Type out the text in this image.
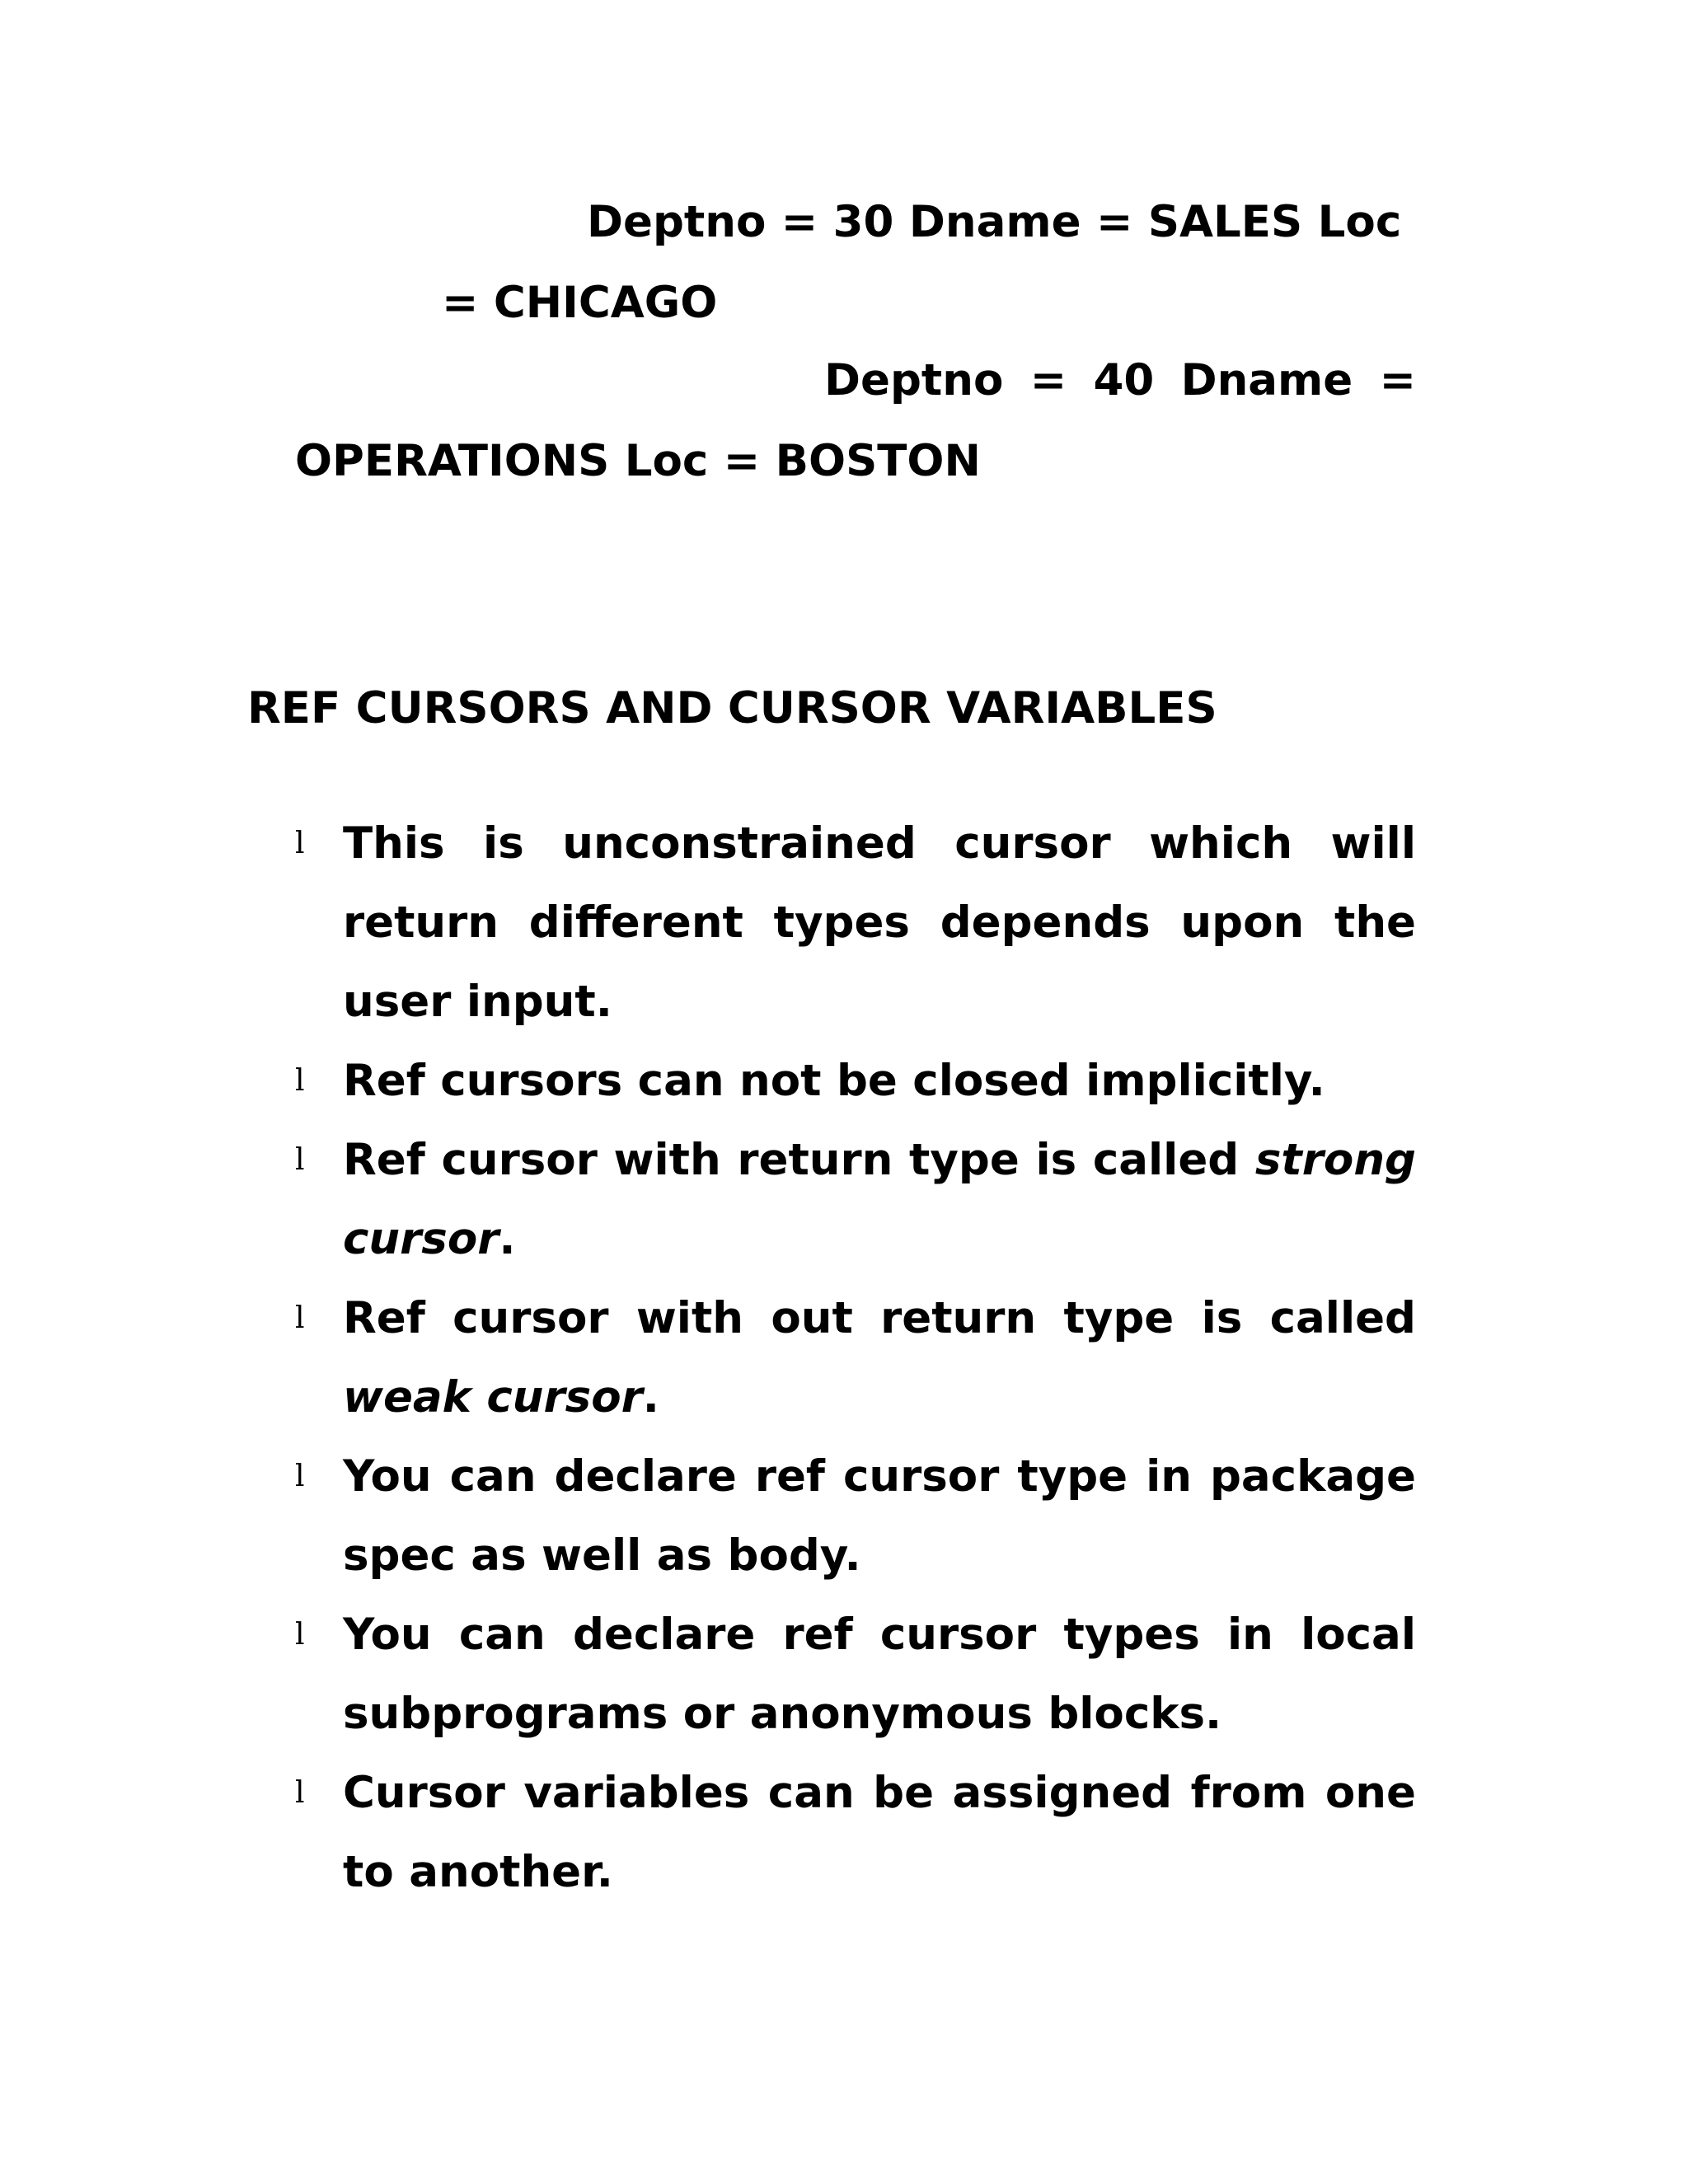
Deptno = 30 Dname = SALES Loc
= CHICAGO
Deptno = 40 Dname =
OPERATIONS Loc = BOSTON
REF CURSORS AND CURSOR VARIABLES
l This is unconstrained cursor which will
return different types depends upon the
user input.
l Ref cursors can not be closed implicitly.
l Ref cursor with return type is called strong
cursor.
l Ref cursor with out return type is called
weak cursor.
l You can declare ref cursor type in package
spec as well as body.
l You can declare ref cursor types in local
subprograms or anonymous blocks.
l Cursor variables can be assigned from one
to another.
